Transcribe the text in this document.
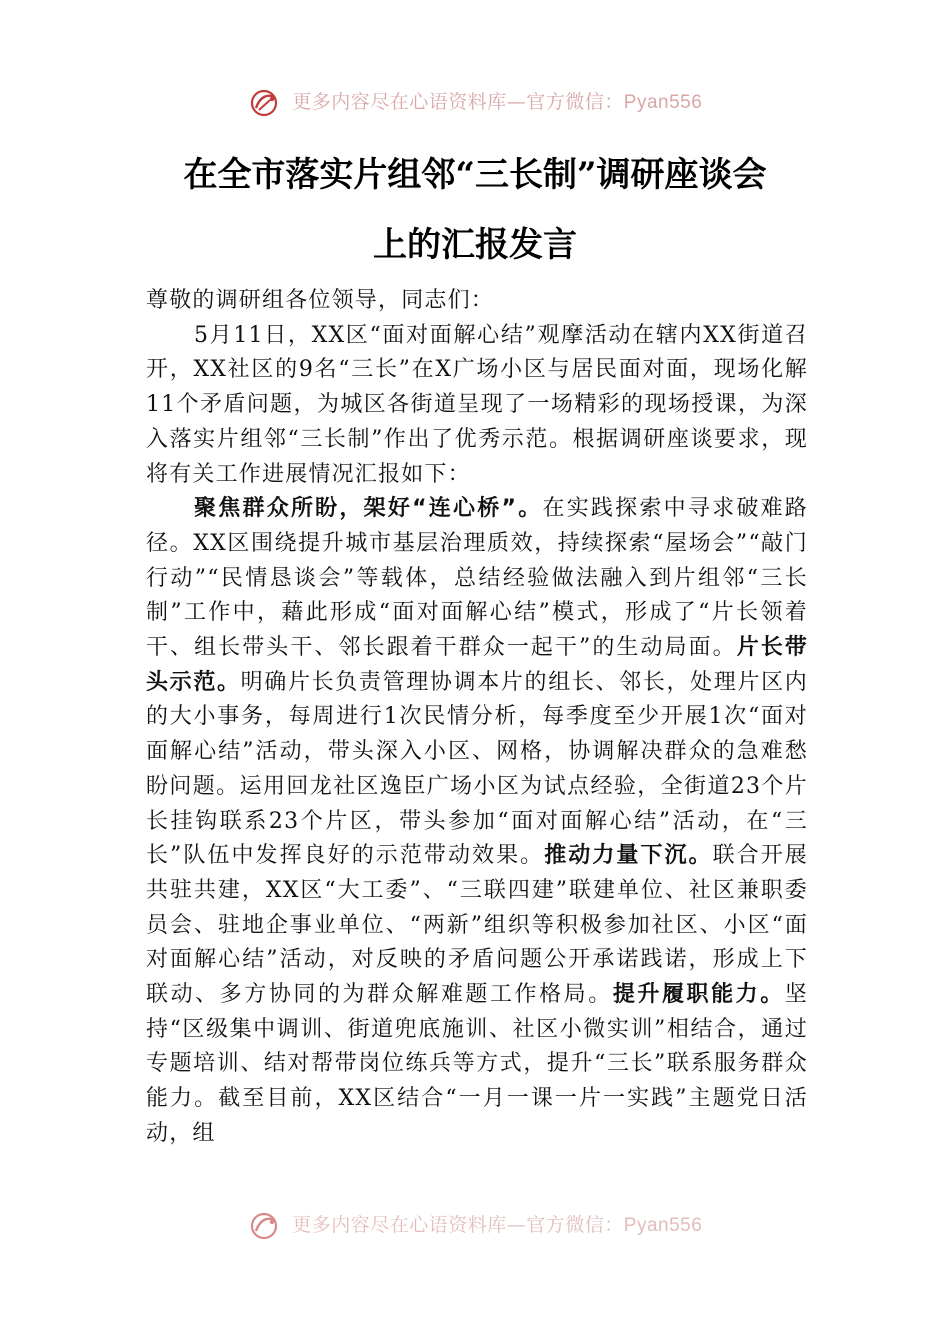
更多内容尽在心语资料库—官方微信：Pyan556
在全市落实片组邻“三长制”调研座谈会
上的汇报发言

尊敬的调研组各位领导，同志们：

5月11日，XX区“面对面解心结”观摩活动在辖内XX街道召开，XX社区的9名“三长”在X广场小区与居民面对面，现场化解11个矛盾问题，为城区各街道呈现了一场精彩的现场授课，为深入落实片组邻“三长制”作出了优秀示范。根据调研座谈要求，现将有关工作进展情况汇报如下：

聚焦群众所盼，架好“连心桥”。在实践探索中寻求破难路径。XX区围绕提升城市基层治理质效，持续探索“屋场会”“敲门行动”“民情恳谈会”等载体，总结经验做法融入到片组邻“三长制”工作中，藉此形成“面对面解心结”模式，形成了“片长领着干、组长带头干、邻长跟着干群众一起干”的生动局面。片长带头示范。明确片长负责管理协调本片的组长、邻长，处理片区内的大小事务，每周进行1次民情分析，每季度至少开展1次“面对面解心结”活动，带头深入小区、网格，协调解决群众的急难愁盼问题。运用回龙社区逸臣广场小区为试点经验，全街道23个片长挂钩联系23个片区，带头参加“面对面解心结”活动，在“三长”队伍中发挥良好的示范带动效果。推动力量下沉。联合开展共驻共建，XX区“大工委”、“三联四建”联建单位、社区兼职委员会、驻地企事业单位、“两新”组织等积极参加社区、小区“面对面解心结”活动，对反映的矛盾问题公开承诺践诺，形成上下联动、多方协同的为群众解难题工作格局。提升履职能力。坚持“区级集中调训、街道兜底施训、社区小微实训”相结合，通过专题培训、结对帮带岗位练兵等方式，提升“三长”联系服务群众能力。截至目前，XX区结合“一月一课一片一实践”主题党日活动，组

更多内容尽在心语资料库—官方微信：Pyan556
